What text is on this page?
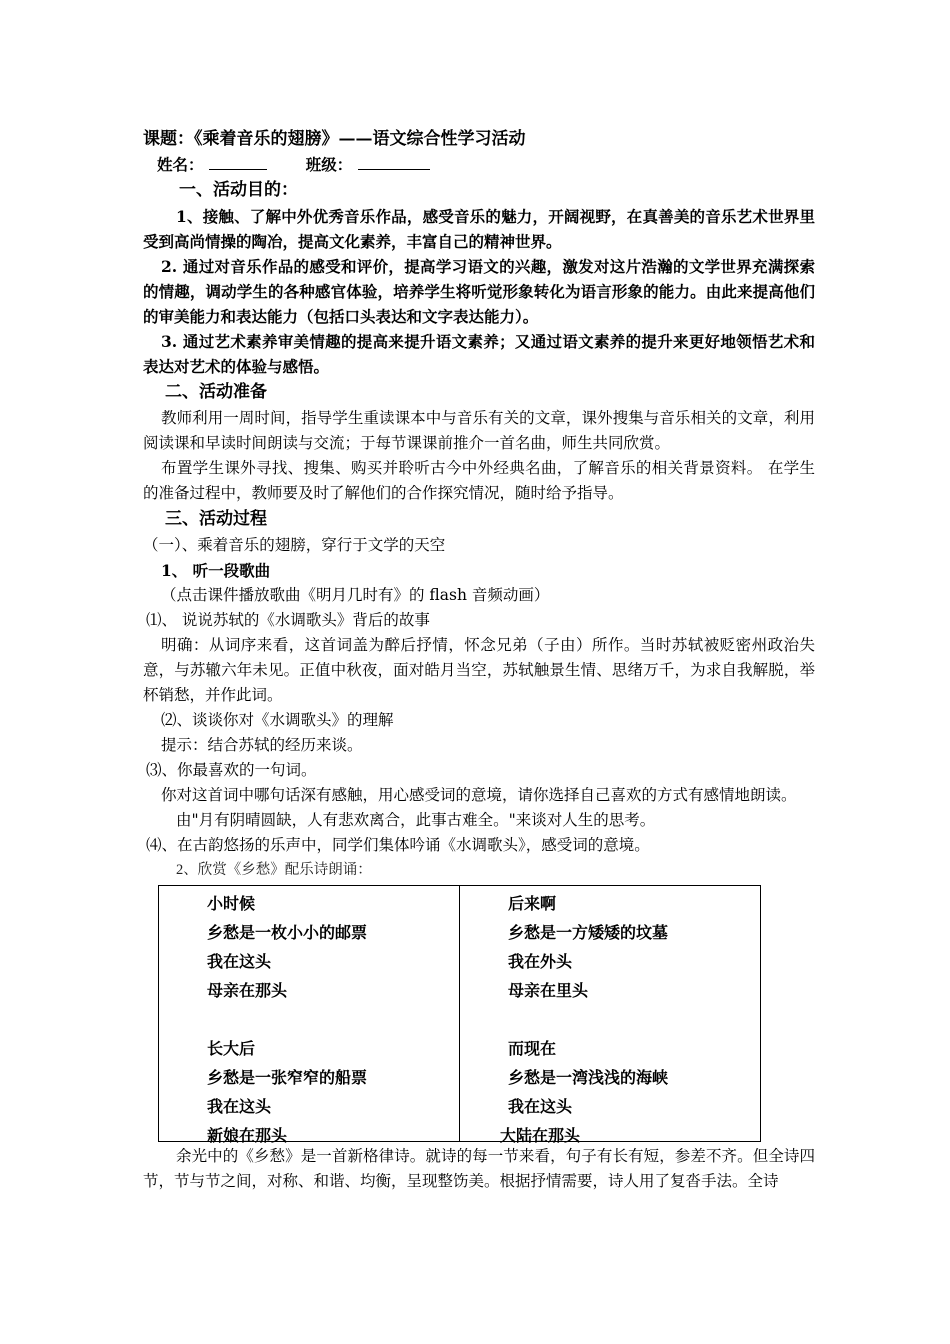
课题：《乘着音乐的翅膀》——语文综合性学习活动
姓名：	班级：
一、活动目的：
1、接触、了解中外优秀音乐作品，感受音乐的魅力，开阔视野，在真善美的音乐艺术世界里受到高尚情操的陶冶，提高文化素养，丰富自己的精神世界。
2. 通过对音乐作品的感受和评价，提高学习语文的兴趣，激发对这片浩瀚的文学世界充满探索的情趣，调动学生的各种感官体验，培养学生将听觉形象转化为语言形象的能力。由此来提高他们的审美能力和表达能力（包括口头表达和文字表达能力）。
3. 通过艺术素养审美情趣的提高来提升语文素养；又通过语文素养的提升来更好地领悟艺术和表达对艺术的体验与感悟。
二、活动准备
教师利用一周时间，指导学生重读课本中与音乐有关的文章，课外搜集与音乐相关的文章，利用阅读课和早读时间朗读与交流；于每节课课前推介一首名曲，师生共同欣赏。
布置学生课外寻找、搜集、购买并聆听古今中外经典名曲，了解音乐的相关背景资料。 在学生的准备过程中，教师要及时了解他们的合作探究情况，随时给予指导。
三、活动过程
（一）、乘着音乐的翅膀，穿行于文学的天空
1、 听一段歌曲
（点击课件播放歌曲《明月几时有》的 flash 音频动画）
⑴、 说说苏轼的《水调歌头》背后的故事
明确：从词序来看，这首词盖为醉后抒情，怀念兄弟（子由）所作。当时苏轼被贬密州政治失意，与苏辙六年未见。正值中秋夜，面对皓月当空，苏轼触景生情、思绪万千，为求自我解脱，举杯销愁，并作此词。
⑵、谈谈你对《水调歌头》的理解
提示：结合苏轼的经历来谈。
⑶、你最喜欢的一句词。
你对这首词中哪句话深有感触，用心感受词的意境，请你选择自己喜欢的方式有感情地朗读。
由"月有阴晴圆缺，人有悲欢离合，此事古难全。"来谈对人生的思考。
⑷、在古韵悠扬的乐声中，同学们集体吟诵《水调歌头》，感受词的意境。
2、欣赏《乡愁》配乐诗朗诵：
小时候
乡愁是一枚小小的邮票
我在这头
母亲在那头
长大后
乡愁是一张窄窄的船票
我在这头
新娘在那头
后来啊
乡愁是一方矮矮的坟墓
我在外头
母亲在里头
而现在
乡愁是一湾浅浅的海峡
我在这头
大陆在那头
余光中的《乡愁》是一首新格律诗。就诗的每一节来看，句子有长有短，参差不齐。但全诗四节，节与节之间，对称、和谐、均衡，呈现整饬美。根据抒情需要，诗人用了复沓手法。全诗
